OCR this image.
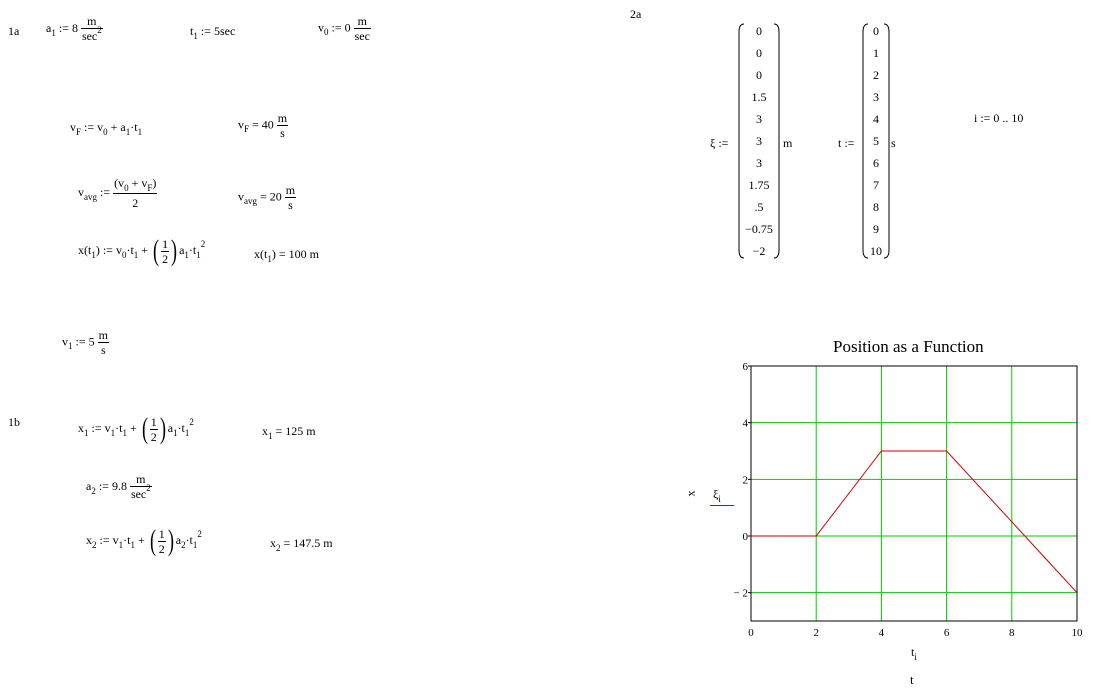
1a
1b
2a
$a_1$ := $8 \frac{m}{\sec^2}$	$t_1$ := 5sec	$v_0$ := $0 \frac{m}{\sec}$
$v_F$ := $v_0 + a_1\cdot t_1$
$v_F = 40 \frac{m}{s}$
$v_{avg}$ := $\frac{(v_0 + v_F)}{2}$	$v_{avg} = 20 \frac{m}{s}$
$x(t_1)$ := $v_0\cdot t_1$ + ( $\frac{1}{2}$ ) $a_1\cdot t_1^2$
$x(t_1) = 100$ m
$v_1$ := $5 \frac{m}{s}$
$x_1$ := $v_1\cdot t_1$ + ( $\frac{1}{2}$ ) $a_1\cdot t_1^2$
$x_1 = 125$ m
$a_2$ := $9.8 \frac{m}{\sec^2}$
$x_2$ := $v_1\cdot t_1$ + ( $\frac{1}{2}$ ) $a_2\cdot t_1^2$
$x_2 = 147.5$ m
ξ :=
0
0
0
1.5
3
3
3
1.75
.5
−0.75
−2
m	t :=
0
1
2
3
4
5
6
7
8
9
10
s
i := 0 .. 10
Position as a Function
0	2	4	6	8	10
− 2
0
2
4
6
x $\xi_i$
$t_i$
t
